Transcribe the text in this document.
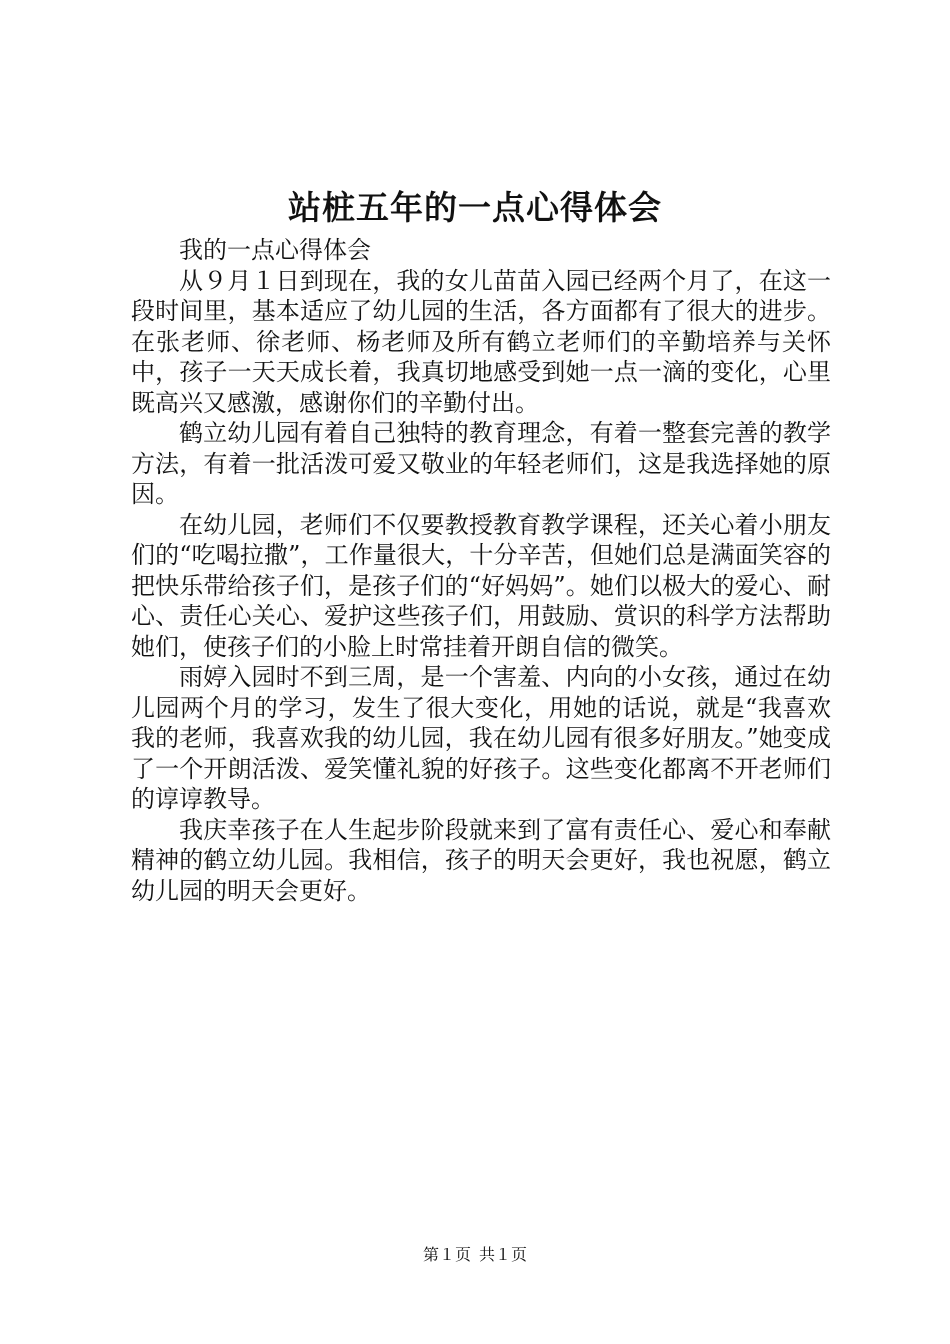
站桩五年的一点心得体会

我的一点心得体会

从９月１日到现在，我的女儿苗苗入园已经两个月了，在这一段时间里，基本适应了幼儿园的生活，各方面都有了很大的进步。在张老师、徐老师、杨老师及所有鹤立老师们的辛勤培养与关怀中，孩子一天天成长着，我真切地感受到她一点一滴的变化，心里既高兴又感激，感谢你们的辛勤付出。

鹤立幼儿园有着自己独特的教育理念，有着一整套完善的教学方法，有着一批活泼可爱又敬业的年轻老师们，这是我选择她的原因。

在幼儿园，老师们不仅要教授教育教学课程，还关心着小朋友们的“吃喝拉撒”，工作量很大，十分辛苦，但她们总是满面笑容的把快乐带给孩子们，是孩子们的“好妈妈”。她们以极大的爱心、耐心、责任心关心、爱护这些孩子们，用鼓励、赏识的科学方法帮助她们，使孩子们的小脸上时常挂着开朗自信的微笑。

雨婷入园时不到三周，是一个害羞、内向的小女孩，通过在幼儿园两个月的学习，发生了很大变化，用她的话说，就是“我喜欢我的老师，我喜欢我的幼儿园，我在幼儿园有很多好朋友。”她变成了一个开朗活泼、爱笑懂礼貌的好孩子。这些变化都离不开老师们的谆谆教导。

我庆幸孩子在人生起步阶段就来到了富有责任心、爱心和奉献精神的鹤立幼儿园。我相信，孩子的明天会更好，我也祝愿，鹤立幼儿园的明天会更好。

第１页 共１页
